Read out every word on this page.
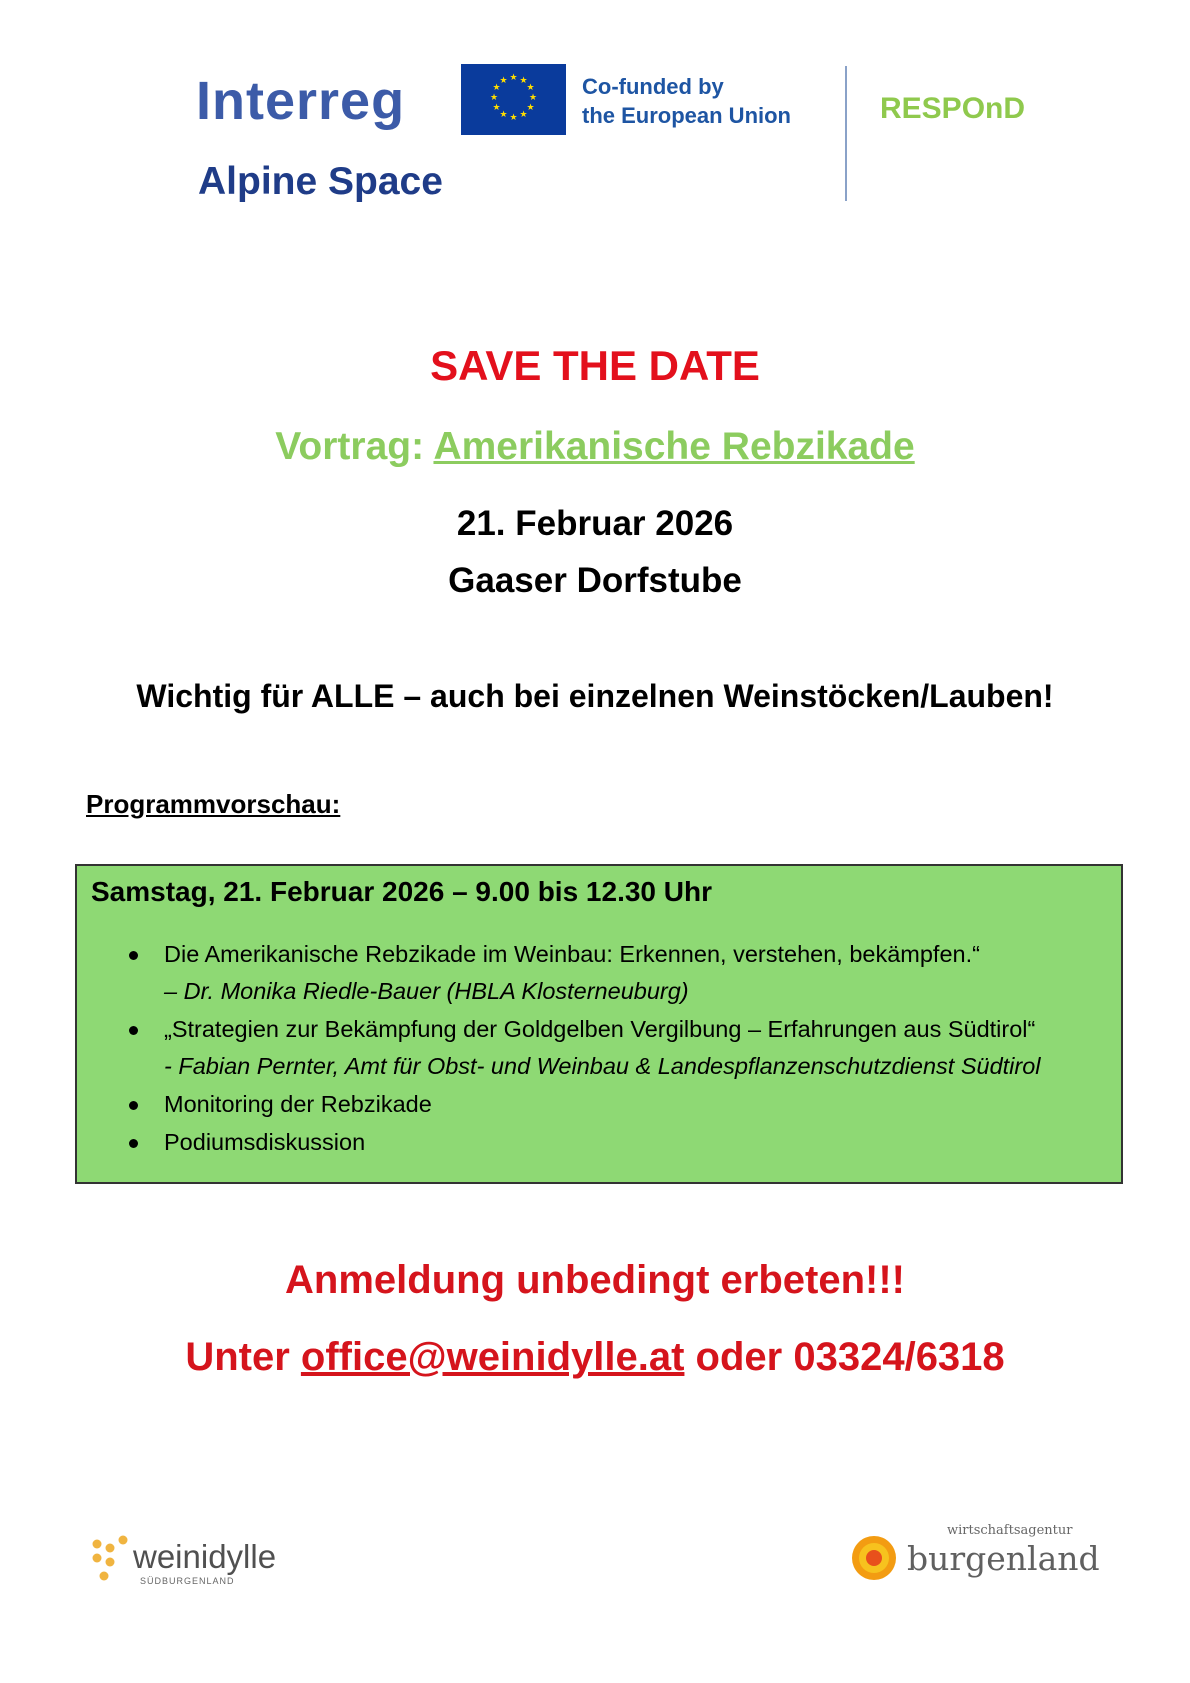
Interreg
Alpine Space
★ ★
★
★
★
★
★
★
★
★
★
★	Co-funded by
the European Union	RESPOnD
SAVE THE DATE
Vortrag: Amerikanische Rebzikade
21. Februar 2026
Gaaser Dorfstube
Wichtig für ALLE – auch bei einzelnen Weinstöcken/Lauben!
Programmvorschau:
Samstag, 21. Februar 2026 – 9.00 bis 12.30 Uhr
Die Amerikanische Rebzikade im Weinbau: Erkennen, verstehen, bekämpfen.“
– Dr. Monika Riedle-Bauer (HBLA Klosterneuburg)
„Strategien zur Bekämpfung der Goldgelben Vergilbung – Erfahrungen aus Südtirol“
- Fabian Pernter, Amt für Obst- und Weinbau & Landespflanzenschutzdienst Südtirol
Monitoring der Rebzikade
Podiumsdiskussion
Anmeldung unbedingt erbeten!!!
Unter office@weinidylle.at oder 03324/6318
weinidylle
SÜDBURGENLAND
wirtschaftsagentur
burgenland
